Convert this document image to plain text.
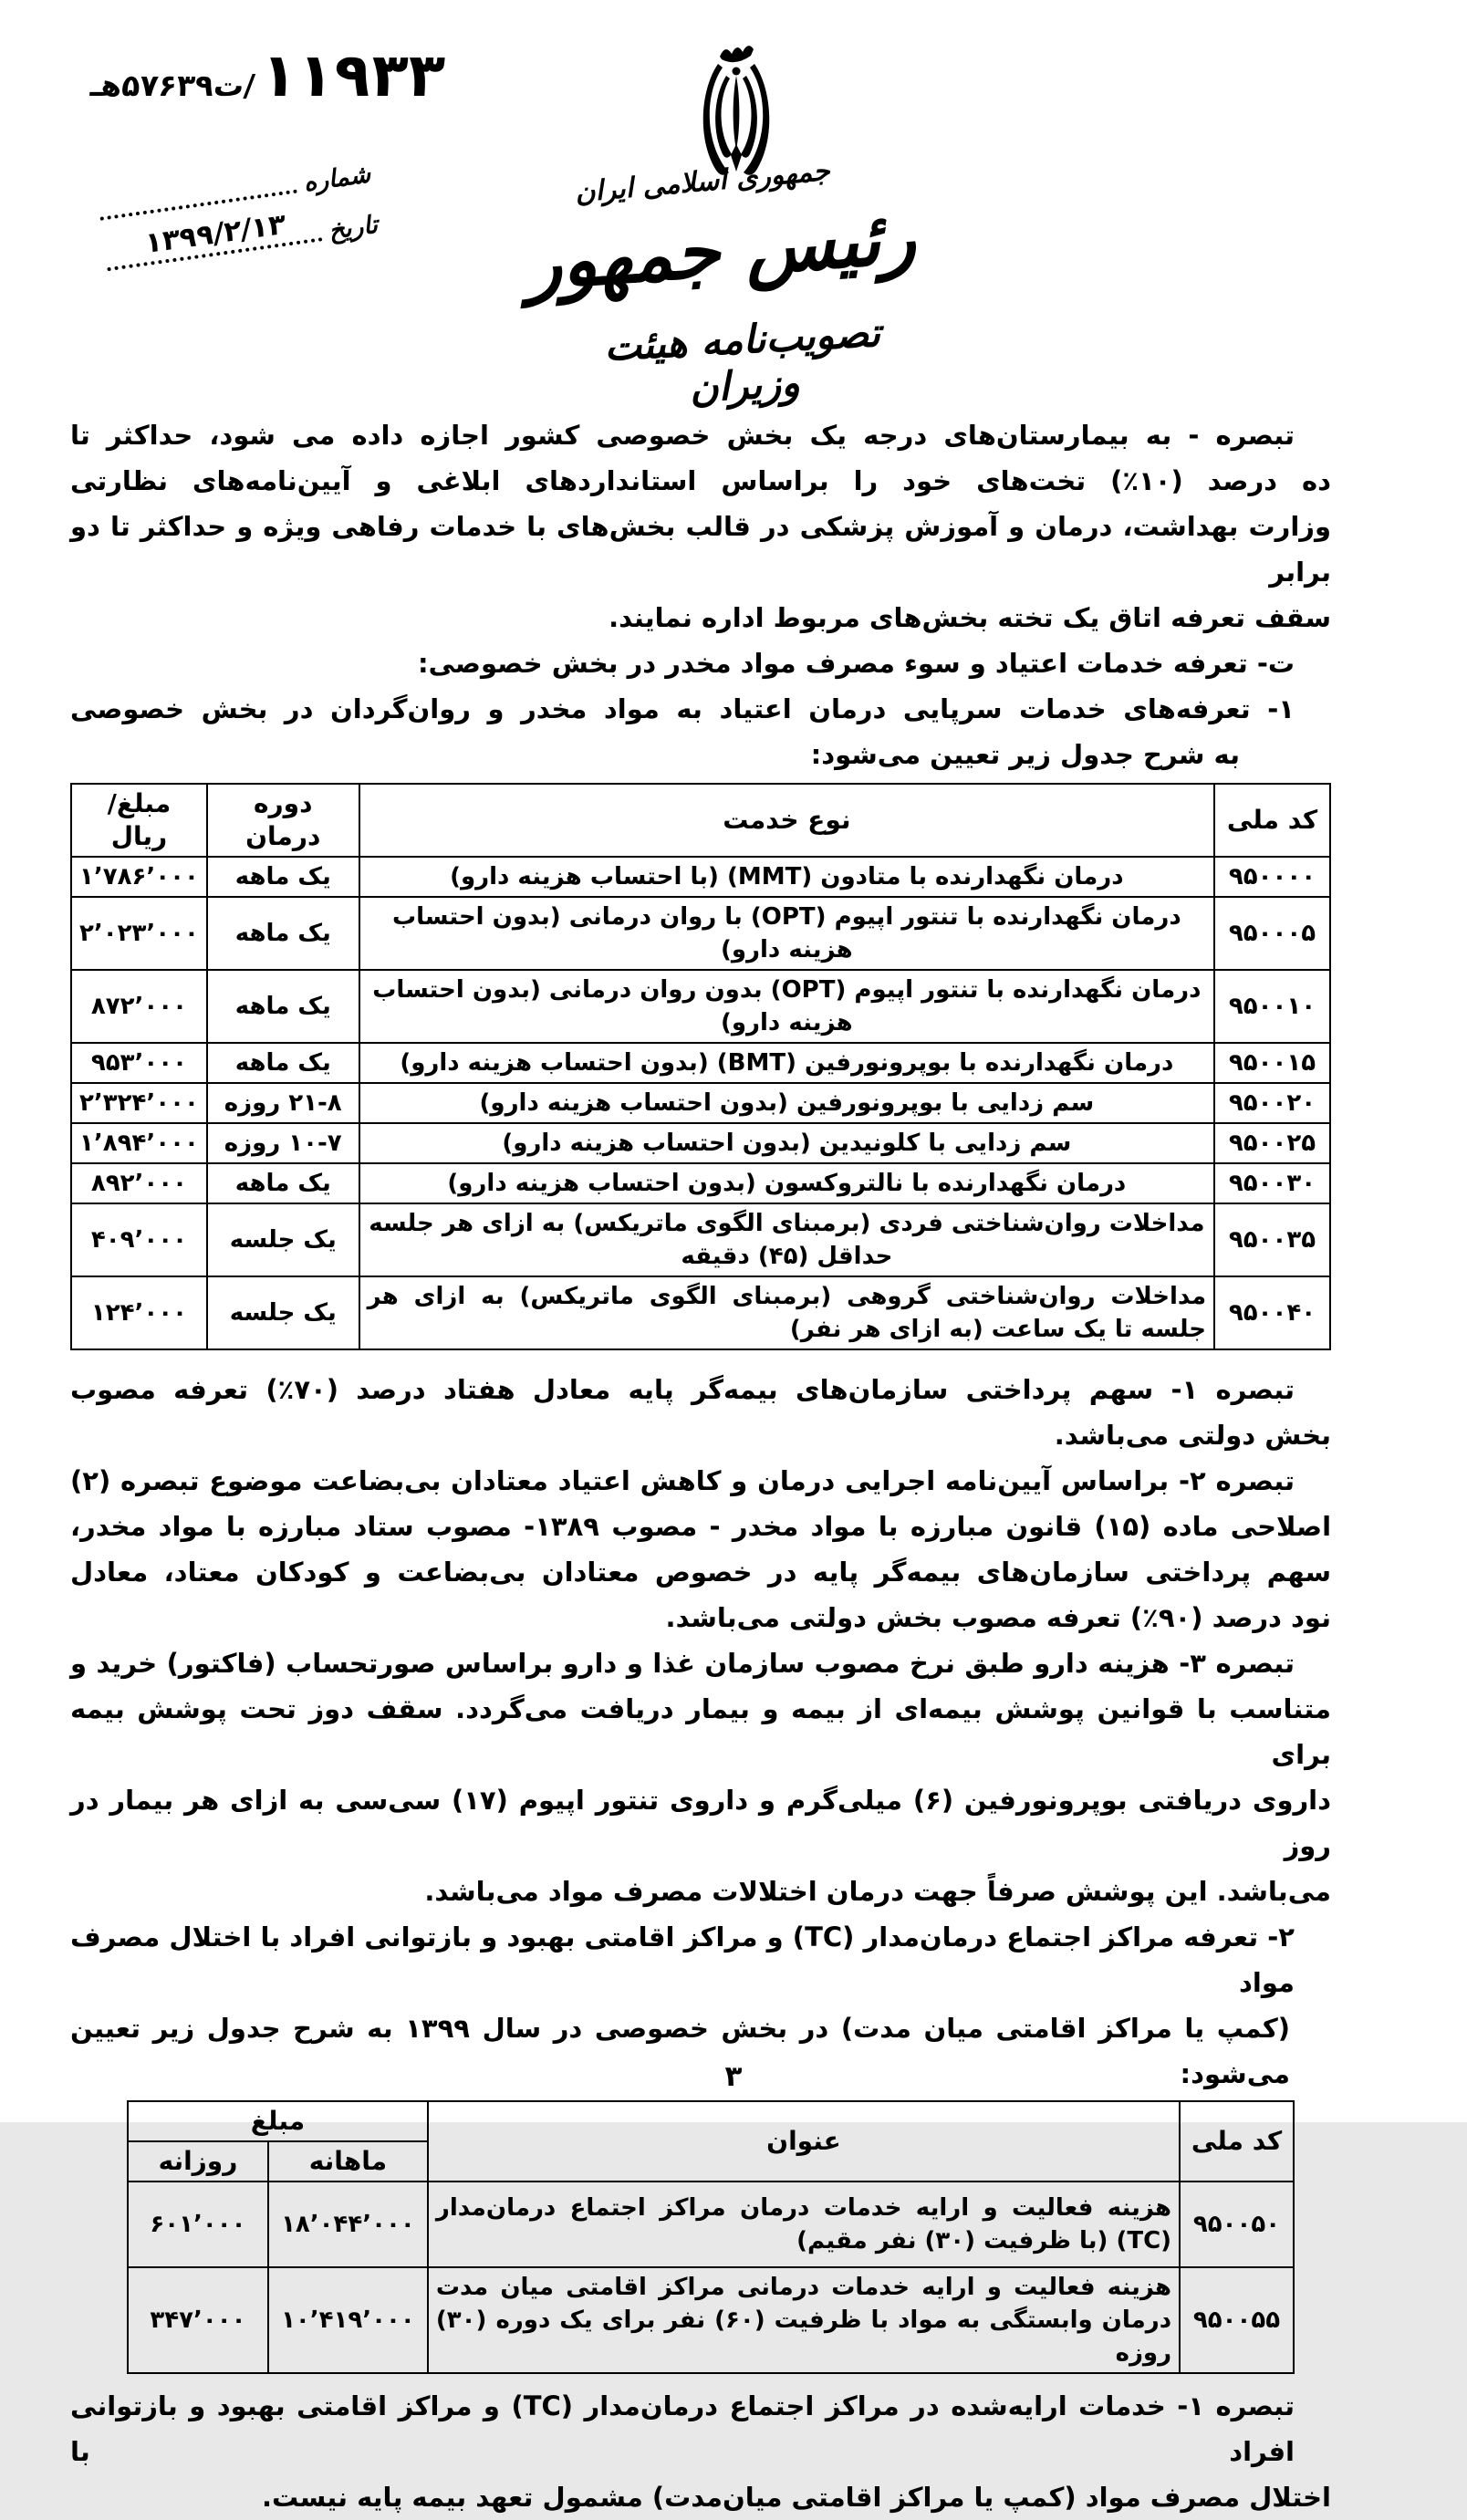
۱۱۹۳۳ /ت۵۷۶۳۹هـ
شماره
تاریخ
۱۳۹۹/۲/۱۳
جمهوری اسلامی ایران
رئیس جمهور
تصویب‌نامه هیئت وزیران
تبصره - به بیمارستان‌های درجه یک بخش خصوصی کشور اجازه داده می شود، حداکثر تا
ده درصد (۱۰٪) تخت‌های خود را براساس استانداردهای ابلاغی و آیین‌نامه‌های نظارتی
وزارت بهداشت، درمان و آموزش پزشکی در قالب بخش‌های با خدمات رفاهی ویژه و حداکثر تا دو برابر
سقف تعرفه اتاق یک تخته بخش‌های مربوط اداره نمایند.
ت- تعرفه خدمات اعتیاد و سوء مصرف مواد مخدر در بخش خصوصی:
۱- تعرفه‌های خدمات سرپایی درمان اعتیاد به مواد مخدر و روان‌گردان در بخش خصوصی
به شرح جدول زیر تعیین می‌شود:
کد ملی	نوع خدمت	دوره درمان	مبلغ/ ریال
۹۵۰۰۰۰	درمان نگهدارنده با متادون (MMT) (با احتساب هزینه دارو)	یک ماهه	۱٬۷۸۶٬۰۰۰
۹۵۰۰۰۵	درمان نگهدارنده با تنتور اپیوم (OPT) با روان درمانی (بدون احتساب هزینه دارو)	یک ماهه	۲٬۰۲۳٬۰۰۰
۹۵۰۰۱۰	درمان نگهدارنده با تنتور اپیوم (OPT) بدون روان درمانی (بدون احتساب هزینه دارو)	یک ماهه	۸۷۲٬۰۰۰
۹۵۰۰۱۵	درمان نگهدارنده با بوپرونورفین (BMT) (بدون احتساب هزینه دارو)	یک ماهه	۹۵۳٬۰۰۰
۹۵۰۰۲۰	سم زدایی با بوپرونورفین (بدون احتساب هزینه دارو)	۲۱-۸ روزه	۲٬۳۲۴٬۰۰۰
۹۵۰۰۲۵	سم زدایی با کلونیدین (بدون احتساب هزینه دارو)	۱۰-۷ روزه	۱٬۸۹۴٬۰۰۰
۹۵۰۰۳۰	درمان نگهدارنده با نالتروکسون (بدون احتساب هزینه دارو)	یک ماهه	۸۹۲٬۰۰۰
۹۵۰۰۳۵	مداخلات روان‌شناختی فردی (برمبنای الگوی ماتریکس) به ازای هر جلسه حداقل (۴۵) دقیقه	یک جلسه	۴۰۹٬۰۰۰
۹۵۰۰۴۰	مداخلات روان‌شناختی گروهی (برمبنای الگوی ماتریکس) به ازای هر جلسه تا یک ساعت (به ازای هر نفر)	یک جلسه	۱۲۴٬۰۰۰
تبصره ۱- سهم پرداختی سازمان‌های بیمه‌گر پایه معادل هفتاد درصد (۷۰٪) تعرفه مصوب
بخش دولتی می‌باشد.
تبصره ۲- براساس آیین‌نامه اجرایی درمان و کاهش اعتیاد معتادان بی‌بضاعت موضوع تبصره (۲)
اصلاحی ماده (۱۵) قانون مبارزه با مواد مخدر - مصوب ۱۳۸۹- مصوب ستاد مبارزه با مواد مخدر،
سهم پرداختی سازمان‌های بیمه‌گر پایه در خصوص معتادان بی‌بضاعت و کودکان معتاد، معادل
نود درصد (۹۰٪) تعرفه مصوب بخش دولتی می‌باشد.
تبصره ۳- هزینه دارو طبق نرخ مصوب سازمان غذا و دارو براساس صورتحساب (فاکتور) خرید و
متناسب با قوانین پوشش بیمه‌ای از بیمه و بیمار دریافت می‌گردد. سقف دوز تحت پوشش بیمه برای
داروی دریافتی بوپرونورفین (۶) میلی‌گرم و داروی تنتور اپیوم (۱۷) سی‌سی به ازای هر بیمار در روز
می‌باشد. این پوشش صرفاً جهت درمان اختلالات مصرف مواد می‌باشد.
۲- تعرفه مراکز اجتماع درمان‌مدار (TC) و مراکز اقامتی بهبود و بازتوانی افراد با اختلال مصرف مواد
(کمپ یا مراکز اقامتی میان مدت) در بخش خصوصی در سال ۱۳۹۹ به شرح جدول زیر تعیین می‌شود:
کد ملی	عنوان	مبلغ	
		ماهانه	روزانه
۹۵۰۰۵۰	هزینه فعالیت و ارایه خدمات درمان مراکز اجتماع درمان‌مدار (TC) (با ظرفیت (۳۰) نفر مقیم)	۱۸٬۰۴۴٬۰۰۰	۶۰۱٬۰۰۰
۹۵۰۰۵۵	هزینه فعالیت و ارایه خدمات درمانی مراکز اقامتی میان مدت درمان وابستگی به مواد با ظرفیت (۶۰) نفر برای یک دوره (۳۰) روزه	۱۰٬۴۱۹٬۰۰۰	۳۴۷٬۰۰۰
تبصره ۱- خدمات ارایه‌شده در مراکز اجتماع درمان‌مدار (TC) و مراکز اقامتی بهبود و بازتوانی افراد با
اختلال مصرف مواد (کمپ یا مراکز اقامتی میان‌مدت) مشمول تعهد بیمه پایه نیست.
۳
